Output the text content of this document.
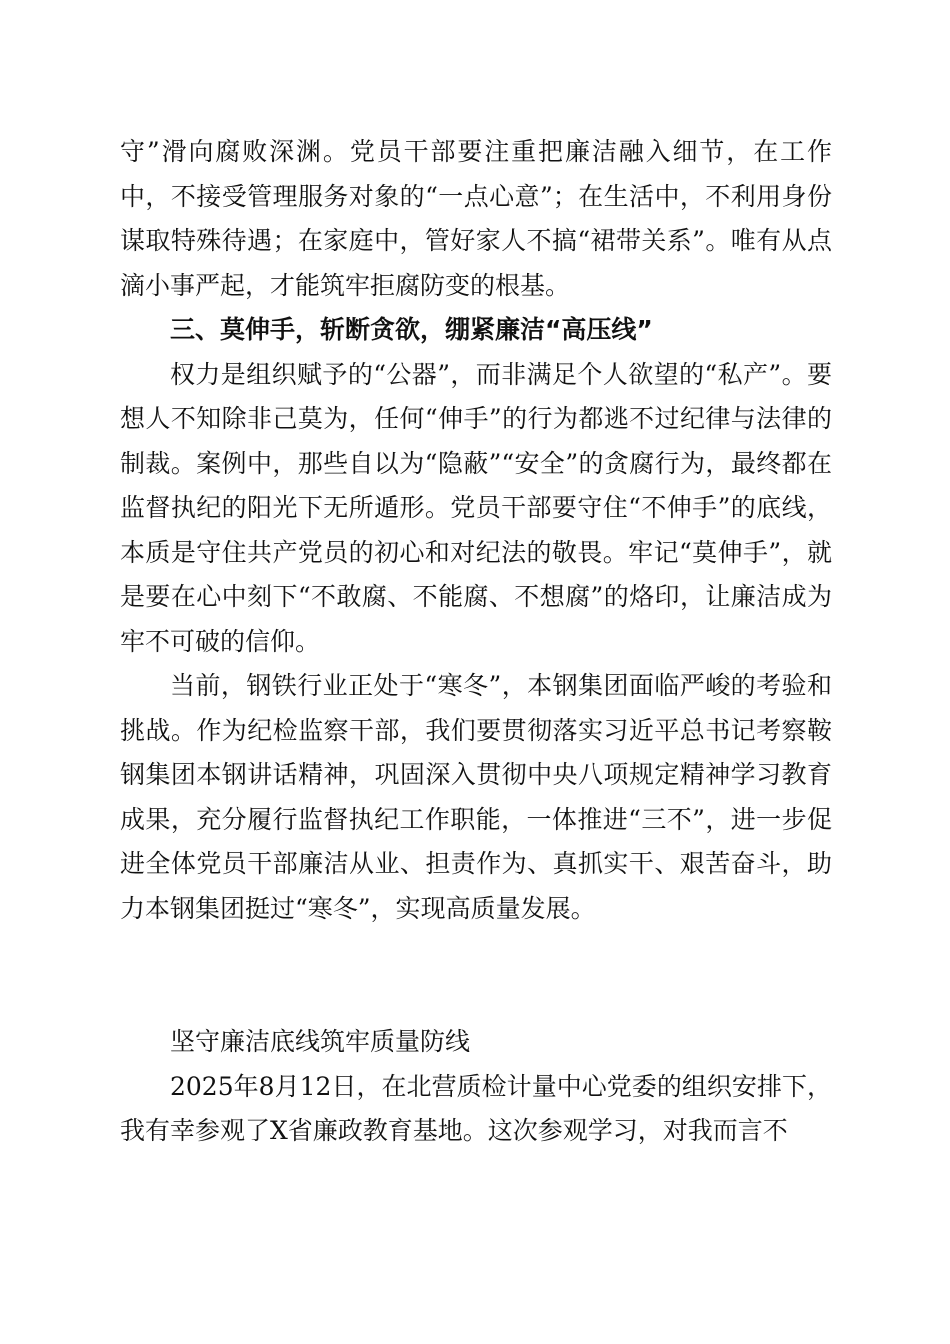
守”滑向腐败深渊。党员干部要注重把廉洁融入细节，在工作中，不接受管理服务对象的“一点心意”；在生活中，不利用身份谋取特殊待遇；在家庭中，管好家人不搞“裙带关系”。唯有从点滴小事严起，才能筑牢拒腐防变的根基。

三、莫伸手，斩断贪欲，绷紧廉洁“高压线”

权力是组织赋予的“公器”，而非满足个人欲望的“私产”。要想人不知除非己莫为，任何“伸手”的行为都逃不过纪律与法律的制裁。案例中，那些自以为“隐蔽”“安全”的贪腐行为，最终都在监督执纪的阳光下无所遁形。党员干部要守住“不伸手”的底线，本质是守住共产党员的初心和对纪法的敬畏。牢记“莫伸手”，就是要在心中刻下“不敢腐、不能腐、不想腐”的烙印，让廉洁成为牢不可破的信仰。

当前，钢铁行业正处于“寒冬”，本钢集团面临严峻的考验和挑战。作为纪检监察干部，我们要贯彻落实习近平总书记考察鞍钢集团本钢讲话精神，巩固深入贯彻中央八项规定精神学习教育成果，充分履行监督执纪工作职能，一体推进“三不”，进一步促进全体党员干部廉洁从业、担责作为、真抓实干、艰苦奋斗，助力本钢集团挺过“寒冬”，实现高质量发展。

坚守廉洁底线筑牢质量防线

2025年8月12日，在北营质检计量中心党委的组织安排下，我有幸参观了X省廉政教育基地。这次参观学习，对我而言不
